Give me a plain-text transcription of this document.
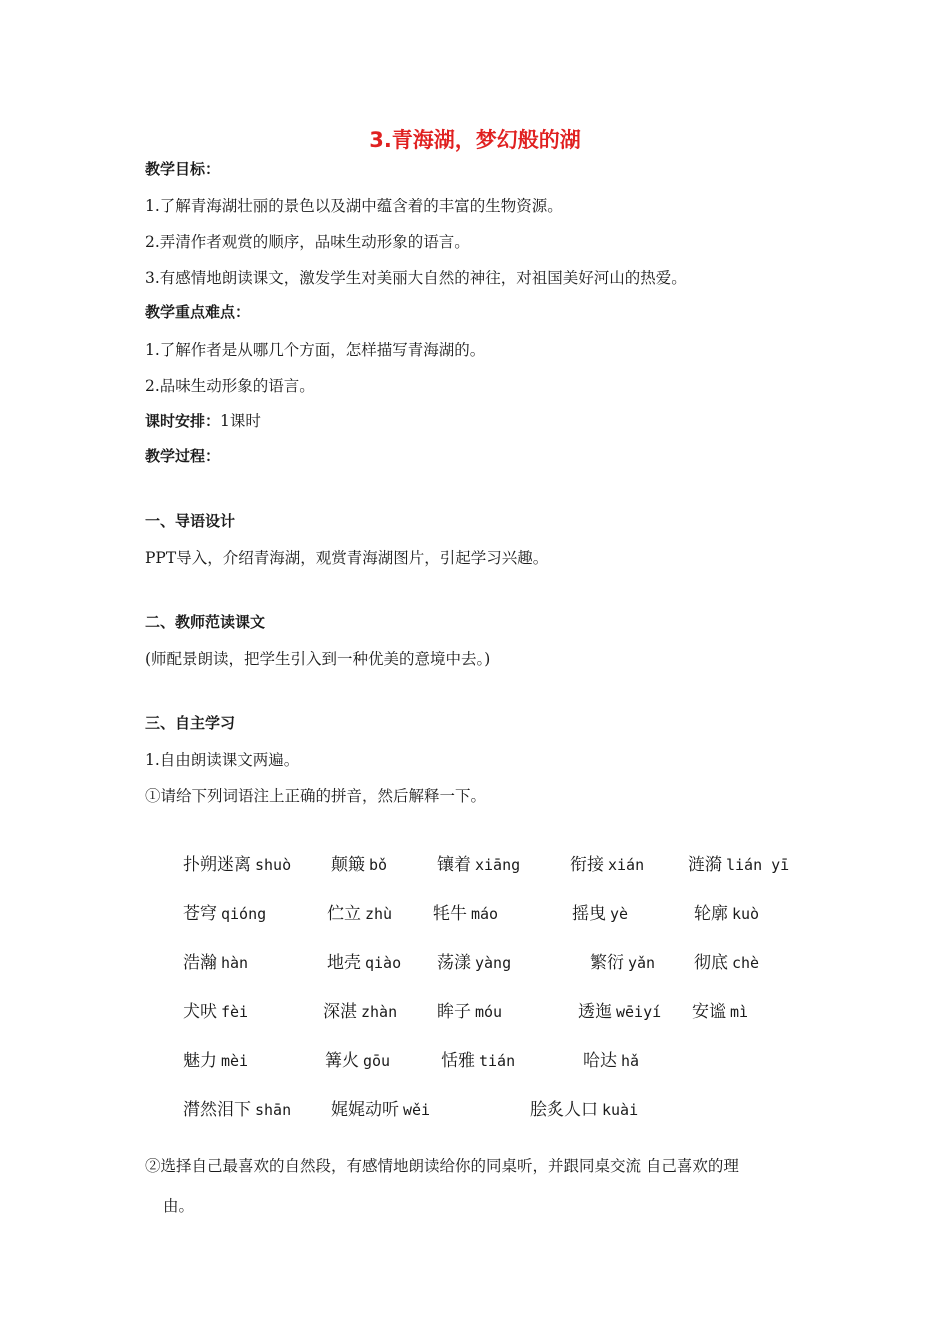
3.青海湖，梦幻般的湖
教学目标：
1.了解青海湖壮丽的景色以及湖中蕴含着的丰富的生物资源。
2.弄清作者观赏的顺序，品味生动形象的语言。
3.有感情地朗读课文，激发学生对美丽大自然的神往，对祖国美好河山的热爱。
教学重点难点：
1.了解作者是从哪几个方面，怎样描写青海湖的。
2.品味生动形象的语言。
课时安排：1课时
教学过程：
一、导语设计
PPT导入，介绍青海湖，观赏青海湖图片，引起学习兴趣。
二、教师范读课文
(师配景朗读，把学生引入到一种优美的意境中去。)
三、自主学习
1.自由朗读课文两遍。
①请给下列词语注上正确的拼音，然后解释一下。
扑朔迷离 shuò 颠簸 bǒ	镶着 xiāng	衔接 xián	涟漪 lián yī
苍穹 qióng	伫立 zhù 牦牛 máo	摇曳 yè	轮廓 kuò
浩瀚 hàn	地壳 qiào 荡漾 yàng	繁衍 yǎn 彻底 chè
犬吠 fèi	深湛 zhàn 眸子 móu	透迤 wēiyí 安谧 mì
魅力 mèi	篝火 gōu	恬雅 tián	哈达 hǎ
潸然泪下 shān 娓娓动听 wěi	脍炙人口 kuài
②选择自己最喜欢的自然段，有感情地朗读给你的同桌听，并跟同桌交流 自己喜欢的理
由。
